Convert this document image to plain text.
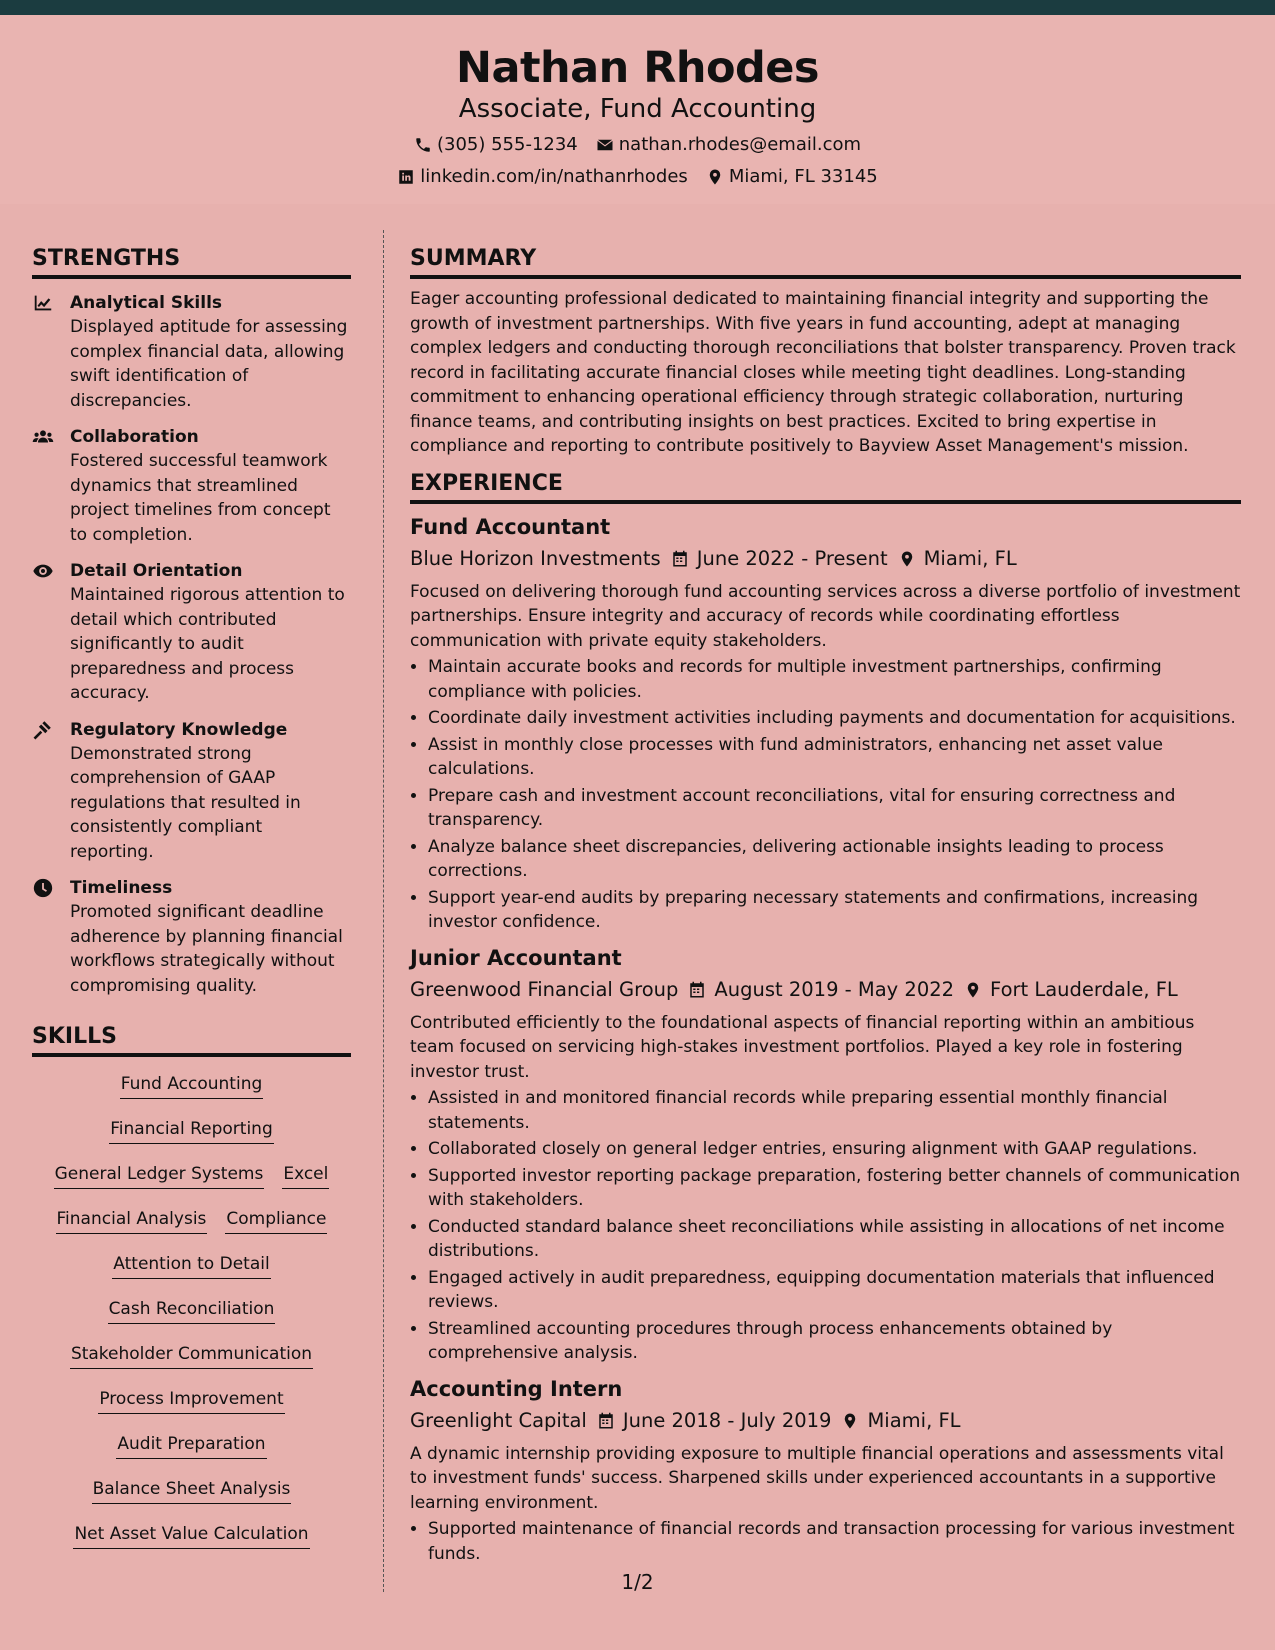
Nathan Rhodes
Associate, Fund Accounting
(305) 555-1234 nathan.rhodes@email.com
linkedin.com/in/nathanrhodes Miami, FL 33145
STRENGTHS
Analytical Skills
Displayed aptitude for assessing complex financial data, allowing swift identification of discrepancies.
Collaboration
Fostered successful teamwork dynamics that streamlined project timelines from concept to completion.
Detail Orientation
Maintained rigorous attention to detail which contributed significantly to audit preparedness and process accuracy.
Regulatory Knowledge
Demonstrated strong comprehension of GAAP regulations that resulted in consistently compliant reporting.
Timeliness
Promoted significant deadline adherence by planning financial workflows strategically without compromising quality.
SKILLS
Fund Accounting
Financial Reporting
General Ledger Systems Excel
Financial Analysis Compliance
Attention to Detail
Cash Reconciliation
Stakeholder Communication
Process Improvement
Audit Preparation
Balance Sheet Analysis
Net Asset Value Calculation
SUMMARY
Eager accounting professional dedicated to maintaining financial integrity and supporting the growth of investment partnerships. With five years in fund accounting, adept at managing complex ledgers and conducting thorough reconciliations that bolster transparency. Proven track record in facilitating accurate financial closes while meeting tight deadlines. Long-standing commitment to enhancing operational efficiency through strategic collaboration, nurturing finance teams, and contributing insights on best practices. Excited to bring expertise in compliance and reporting to contribute positively to Bayview Asset Management's mission.
EXPERIENCE
Fund Accountant
Blue Horizon Investments June 2022 - Present Miami, FL
Focused on delivering thorough fund accounting services across a diverse portfolio of investment partnerships. Ensure integrity and accuracy of records while coordinating effortless communication with private equity stakeholders.
• Maintain accurate books and records for multiple investment partnerships, confirming compliance with policies.
• Coordinate daily investment activities including payments and documentation for acquisitions.
• Assist in monthly close processes with fund administrators, enhancing net asset value calculations.
• Prepare cash and investment account reconciliations, vital for ensuring correctness and transparency.
• Analyze balance sheet discrepancies, delivering actionable insights leading to process corrections.
• Support year-end audits by preparing necessary statements and confirmations, increasing investor confidence.
Junior Accountant
Greenwood Financial Group August 2019 - May 2022 Fort Lauderdale, FL
Contributed efficiently to the foundational aspects of financial reporting within an ambitious team focused on servicing high-stakes investment portfolios. Played a key role in fostering investor trust.
• Assisted in and monitored financial records while preparing essential monthly financial statements.
• Collaborated closely on general ledger entries, ensuring alignment with GAAP regulations.
• Supported investor reporting package preparation, fostering better channels of communication with stakeholders.
• Conducted standard balance sheet reconciliations while assisting in allocations of net income distributions.
• Engaged actively in audit preparedness, equipping documentation materials that influenced reviews.
• Streamlined accounting procedures through process enhancements obtained by comprehensive analysis.
Accounting Intern
Greenlight Capital June 2018 - July 2019 Miami, FL
A dynamic internship providing exposure to multiple financial operations and assessments vital to investment funds' success. Sharpened skills under experienced accountants in a supportive learning environment.
• Supported maintenance of financial records and transaction processing for various investment funds.
1/2
